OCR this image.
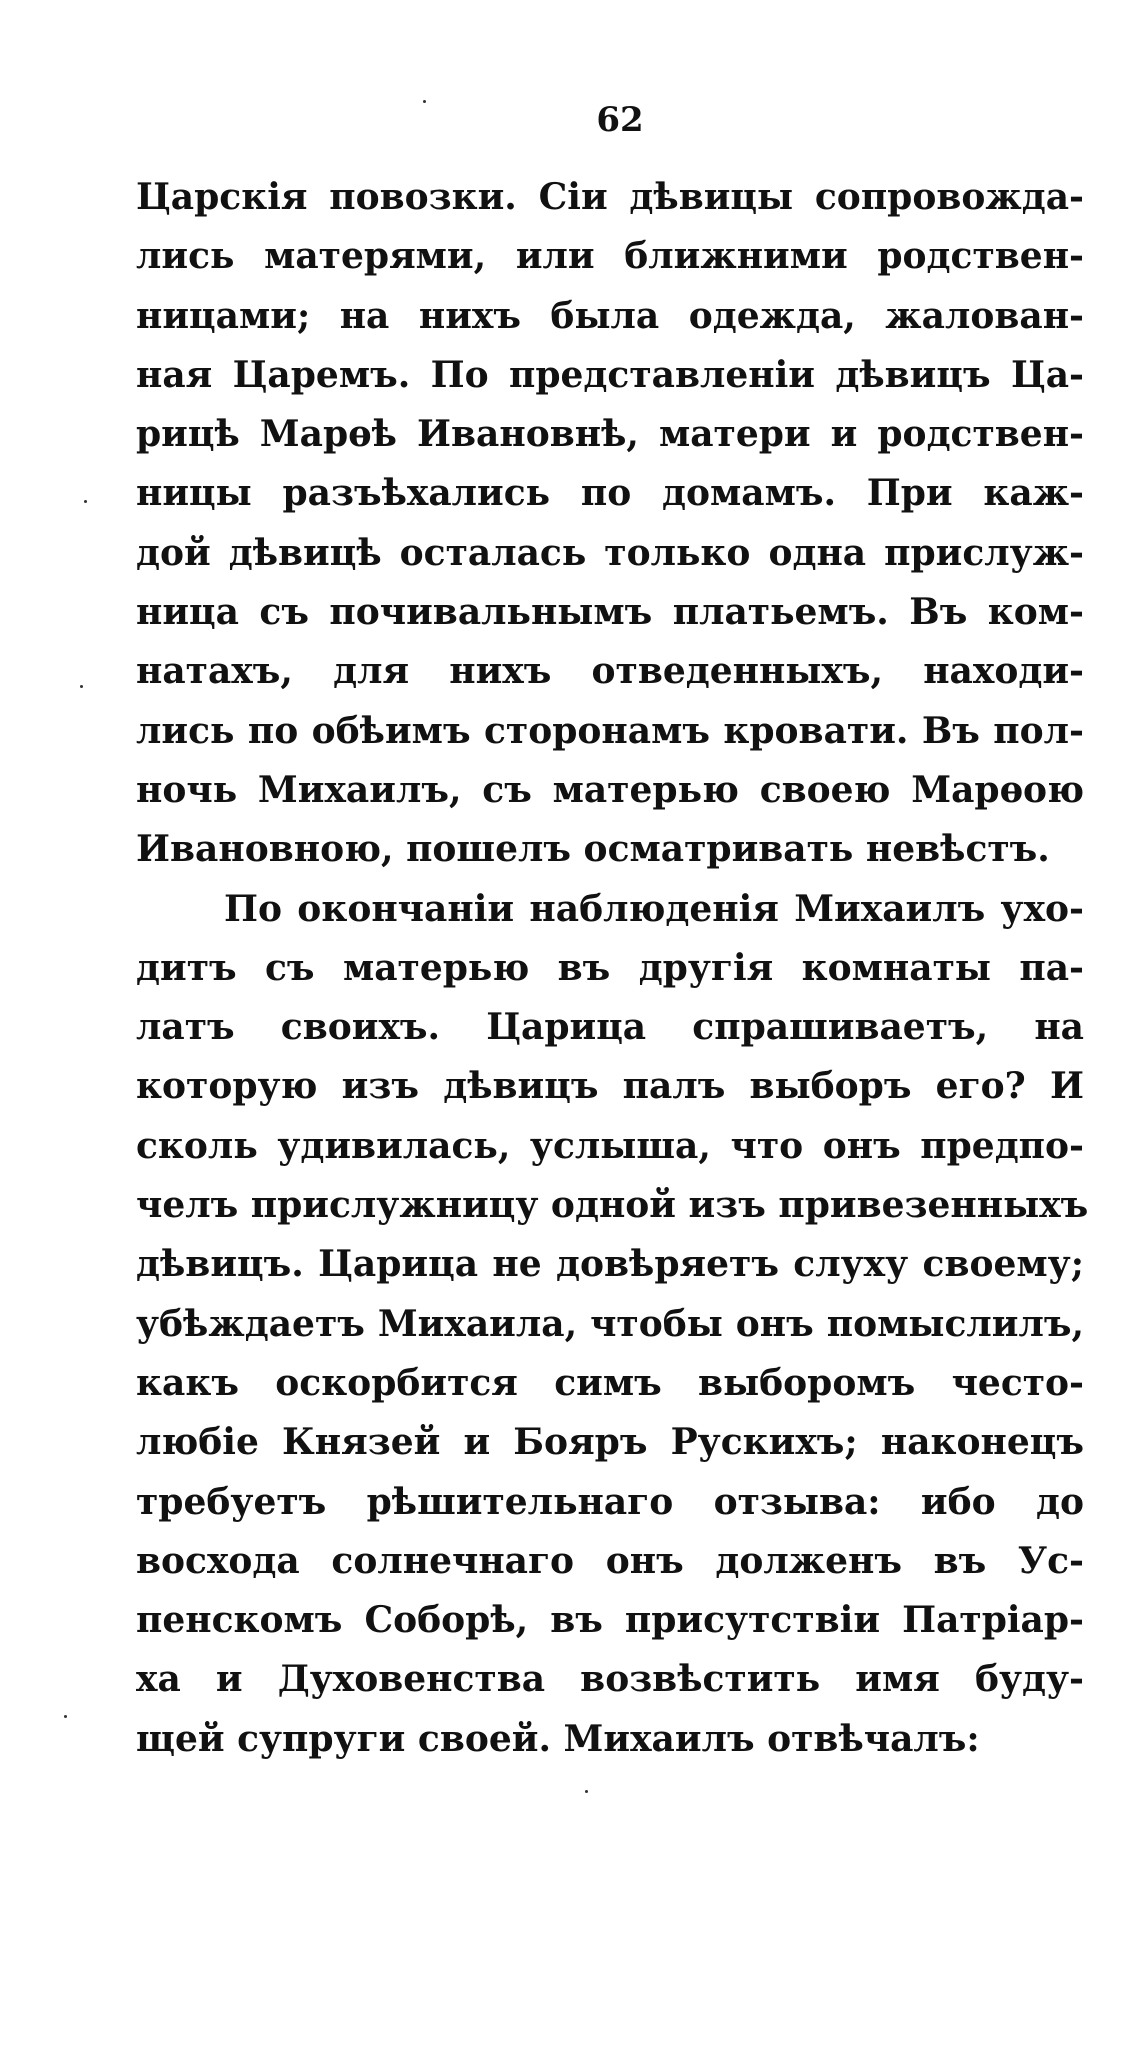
62
Царскія повозки. Сіи дѣвицы сопровожда-
лись матерями, или ближними родствен-
ницами; на нихъ была одежда, жалован-
ная Царемъ. По представленіи дѣвицъ Ца-
рицѣ Марѳѣ Ивановнѣ, матери и родствен-
ницы разъѣхались по домамъ. При каж-
дой дѣвицѣ осталась только одна прислуж-
ница съ почивальнымъ платьемъ. Въ ком-
натахъ, для нихъ отведенныхъ, находи-
лись по обѣимъ сторонамъ кровати. Въ пол-
ночь Михаилъ, съ матерью своею Марѳою
Ивановною, пошелъ осматривать невѣстъ.
По окончаніи наблюденія Михаилъ ухо-
дитъ съ матерью въ другія комнаты па-
латъ своихъ. Царица спрашиваетъ, на
которую изъ дѣвицъ палъ выборъ его? И
сколь удивилась, услыша, что онъ предпо-
челъ прислужницу одной изъ привезенныхъ
дѣвицъ. Царица не довѣряетъ слуху своему;
убѣждаетъ Михаила, чтобы онъ помыслилъ,
какъ оскорбится симъ выборомъ често-
любіе Князей и Бояръ Рускихъ; наконецъ
требуетъ рѣшительнаго отзыва: ибо до
восхода солнечнаго онъ долженъ въ Ус-
пенскомъ Соборѣ, въ присутствіи Патріар-
ха и Духовенства возвѣстить имя буду-
щей супруги своей. Михаилъ отвѣчалъ:
